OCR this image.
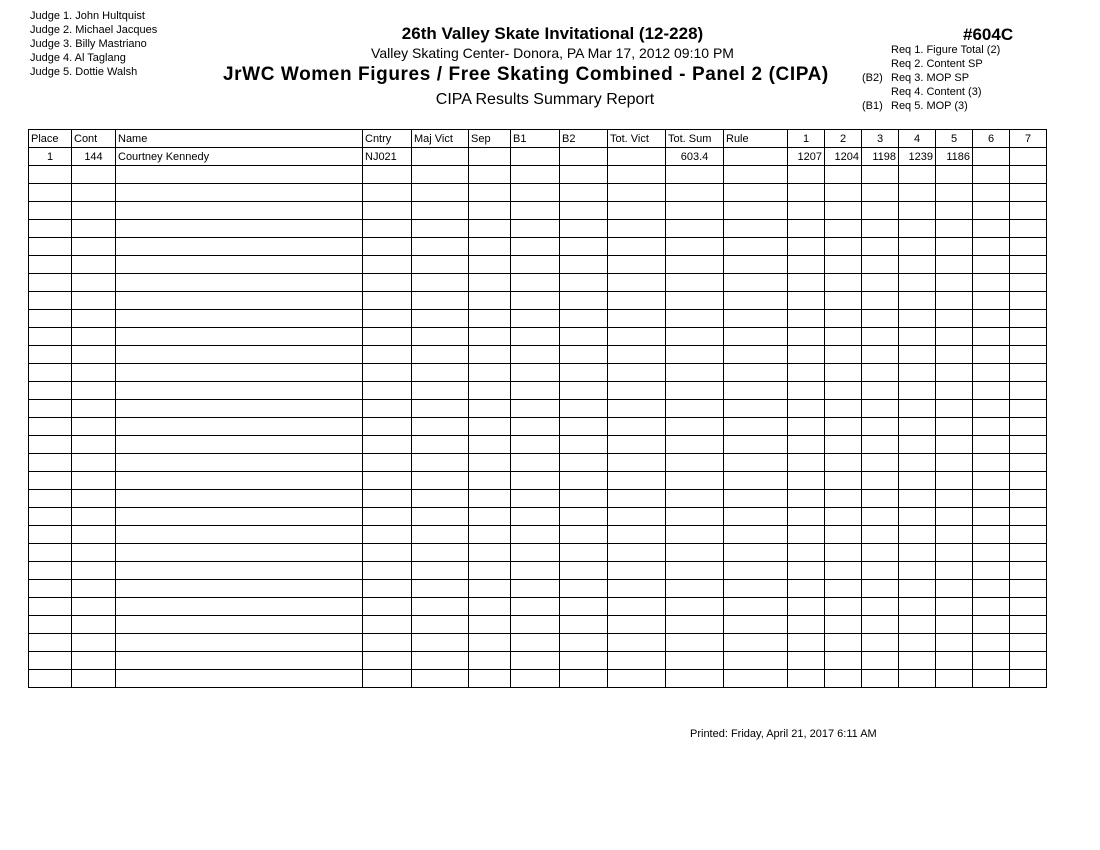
Judge 1. John Hultquist
Judge 2. Michael Jacques
Judge 3. Billy Mastriano
Judge 4. Al Taglang
Judge 5. Dottie Walsh
26th Valley Skate Invitational (12-228)
Valley Skating Center- Donora, PA Mar 17, 2012 09:10 PM
JrWC Women Figures / Free Skating Combined - Panel 2 (CIPA)
CIPA Results Summary Report
#604C
Req 1. Figure Total (2)
Req 2. Content SP
(B2) Req 3. MOP SP
Req 4. Content (3)
(B1) Req 5. MOP (3)
Place	Cont	Name	Cntry	Maj Vict	Sep	B1	B2	Tot. Vict	Tot. Sum	Rule	1	2	3	4	5	6	7
1	144	Courtney Kennedy	NJ021						603.4		1207	1204	1198	1239	1186		

Printed: Friday, April 21, 2017 6:11 AM
